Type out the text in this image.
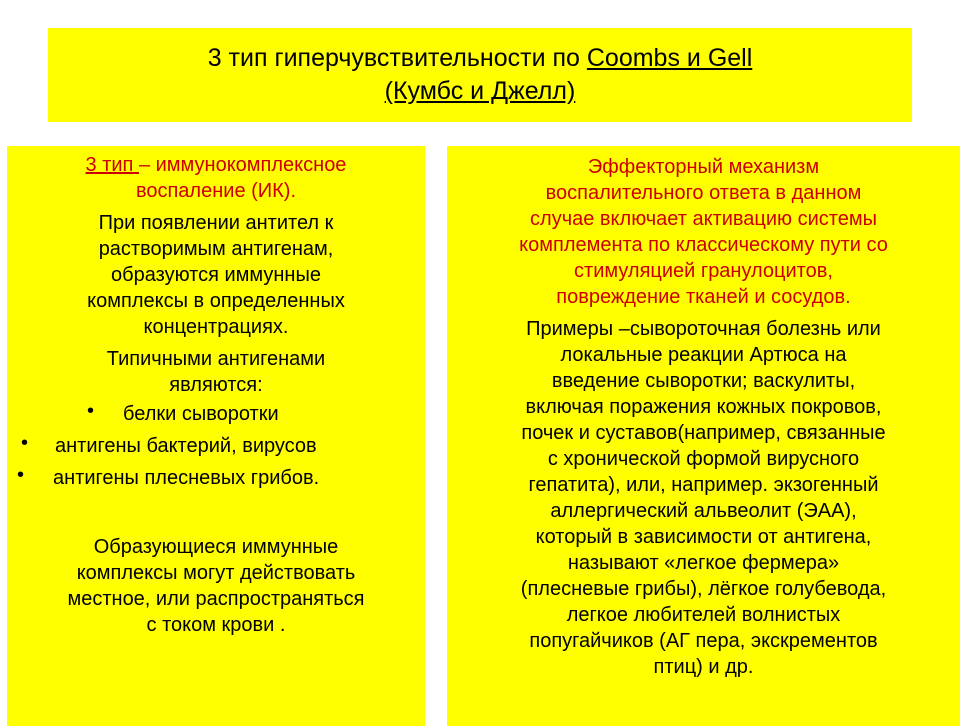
3 тип гиперчувствительности по Coombs и Gell
(Кумбс и Джелл)
3 тип – иммунокомплексное
воспаление (ИК).
При появлении антител к
растворимым антигенам,
образуются иммунные
комплексы в определенных
концентрациях.
Типичными антигенами
являются:
• белки сыворотки
• антигены бактерий, вирусов
• антигены плесневых грибов.
Образующиеся иммунные
комплексы могут действовать
местное, или распространяться
с током крови .
Эффекторный механизм
воспалительного ответа в данном
случае включает активацию системы
комплемента по классическому пути со
стимуляцией гранулоцитов,
повреждение тканей и сосудов.
Примеры –сывороточная болезнь или
локальные реакции Артюса на
введение сыворотки; васкулиты,
включая поражения кожных покровов,
почек и суставов(например, связанные
с хронической формой вирусного
гепатита), или, например. экзогенный
аллергический альвеолит (ЭАА),
который в зависимости от антигена,
называют «легкое фермера»
(плесневые грибы), лёгкое голубевода,
легкое любителей волнистых
попугайчиков (АГ пера, экскрементов
птиц) и др.
